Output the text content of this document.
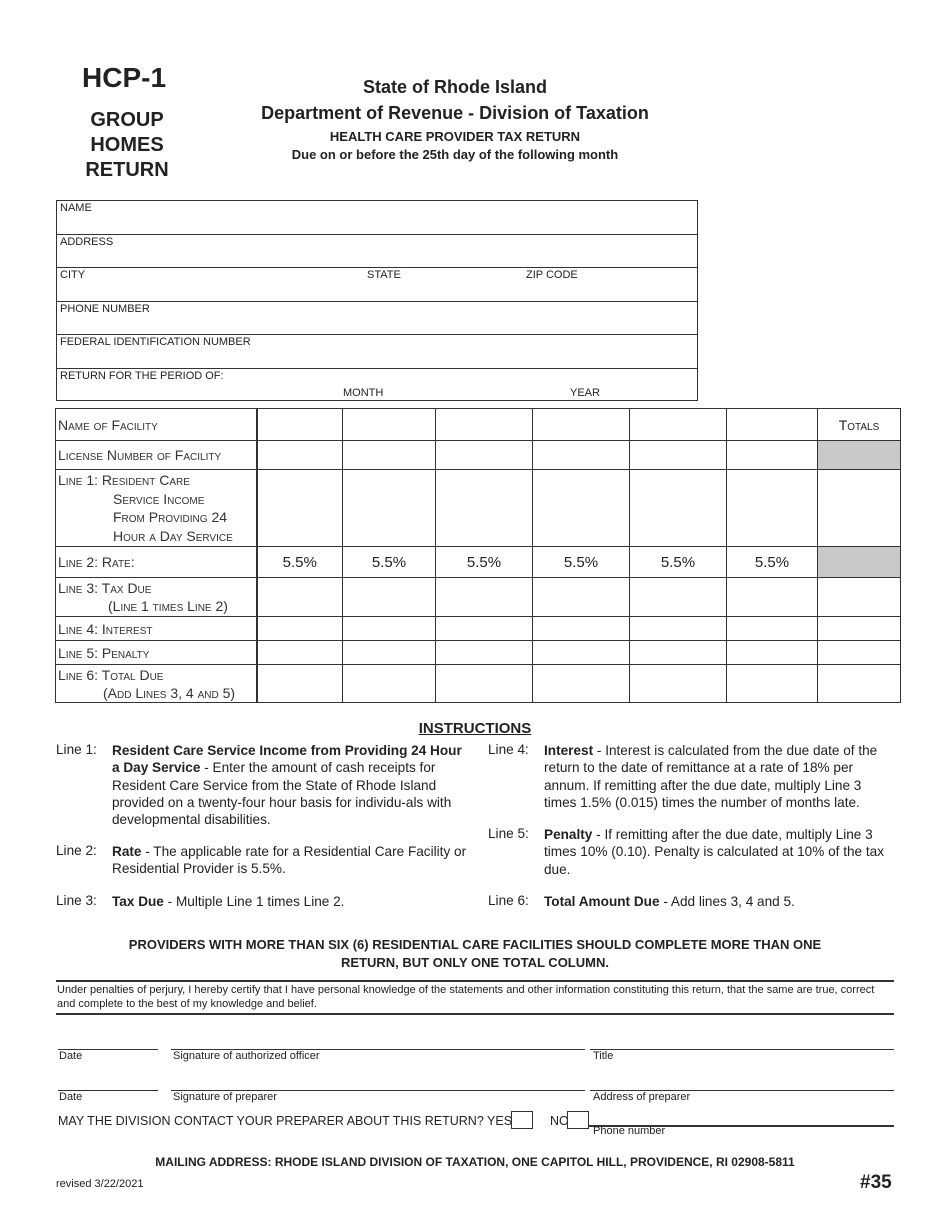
HCP-1
GROUP HOMES RETURN
State of Rhode Island
Department of Revenue - Division of Taxation
HEALTH CARE PROVIDER TAX RETURN
Due on or before the 25th day of the following month
NAME
ADDRESS
CITY	STATE	ZIP CODE
PHONE NUMBER
FEDERAL IDENTIFICATION NUMBER
RETURN FOR THE PERIOD OF:
MONTH	YEAR
Name of Facility							Totals
License Number of Facility							

Line 1: Resident Care
Service Income
From Providing 24
Hour a Day Service							

Line 2: Rate:	5.5%	5.5%	5.5%	5.5%	5.5%	5.5%	

Line 3: Tax Due
(Line 1 times Line 2)							

Line 4: Interest							
Line 5: Penalty							

Line 6: Total Due
(Add Lines 3, 4 and 5)							

INSTRUCTIONS
Line 1: Resident Care Service Income from Providing 24 Hour a Day Service - Enter the amount of cash receipts for Resident Care Service from the State of Rhode Island provided on a twenty-four hour basis for individu-als with developmental disabilities.
Line 2: Rate - The applicable rate for a Residential Care Facility or Residential Provider is 5.5%.
Line 3: Tax Due - Multiple Line 1 times Line 2.
Line 4: Interest - Interest is calculated from the due date of the return to the date of remittance at a rate of 18% per annum. If remitting after the due date, multiply Line 3 times 1.5% (0.015) times the number of months late.
Line 5: Penalty - If remitting after the due date, multiply Line 3 times 10% (0.10). Penalty is calculated at 10% of the tax due.
Line 6: Total Amount Due - Add lines 3, 4 and 5.
PROVIDERS WITH MORE THAN SIX (6) RESIDENTIAL CARE FACILITIES SHOULD COMPLETE MORE THAN ONE RETURN, BUT ONLY ONE TOTAL COLUMN.
Under penalties of perjury, I hereby certify that I have personal knowledge of the statements and other information constituting this return, that the same are true, correct and complete to the best of my knowledge and belief.
Date	Signature of authorized officer	Title
Date	Signature of preparer	Address of preparer
MAY THE DIVISION CONTACT YOUR PREPARER ABOUT THIS RETURN? YES	NO
Phone number
MAILING ADDRESS: RHODE ISLAND DIVISION OF TAXATION, ONE CAPITOL HILL, PROVIDENCE, RI 02908-5811
revised 3/22/2021	#35
